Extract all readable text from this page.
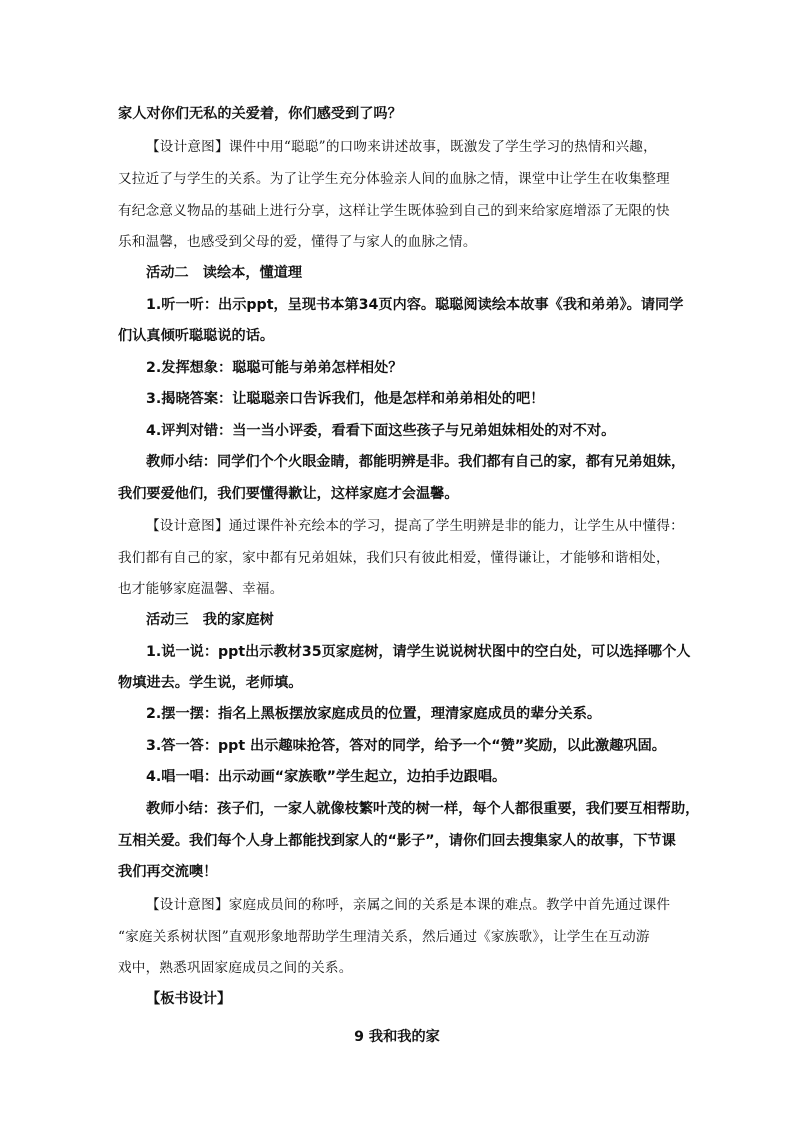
家人对你们无私的关爱着，你们感受到了吗？
【设计意图】课件中用“聪聪”的口吻来讲述故事，既激发了学生学习的热情和兴趣，
又拉近了与学生的关系。为了让学生充分体验亲人间的血脉之情，课堂中让学生在收集整理
有纪念意义物品的基础上进行分享，这样让学生既体验到自己的到来给家庭增添了无限的快
乐和温馨，也感受到父母的爱，懂得了与家人的血脉之情。
活动二　读绘本，懂道理
1.听一听：出示ppt，呈现书本第34页内容。聪聪阅读绘本故事《我和弟弟》。请同学
们认真倾听聪聪说的话。
2.发挥想象：聪聪可能与弟弟怎样相处？
3.揭晓答案：让聪聪亲口告诉我们，他是怎样和弟弟相处的吧！
4.评判对错：当一当小评委，看看下面这些孩子与兄弟姐妹相处的对不对。
教师小结：同学们个个火眼金睛，都能明辨是非。我们都有自己的家，都有兄弟姐妹，
我们要爱他们，我们要懂得歉让，这样家庭才会温馨。
【设计意图】通过课件补充绘本的学习，提高了学生明辨是非的能力，让学生从中懂得：
我们都有自己的家，家中都有兄弟姐妹，我们只有彼此相爱，懂得谦让，才能够和谐相处，
也才能够家庭温馨、幸福。
活动三　我的家庭树
1.说一说：ppt出示教材35页家庭树，请学生说说树状图中的空白处，可以选择哪个人
物填进去。学生说，老师填。
2.摆一摆：指名上黑板摆放家庭成员的位置，理清家庭成员的辈分关系。
3.答一答：ppt 出示趣味抢答，答对的同学，给予一个“赞”奖励，以此激趣巩固。
4.唱一唱：出示动画“家族歌”学生起立，边拍手边跟唱。
教师小结：孩子们，一家人就像枝繁叶茂的树一样，每个人都很重要，我们要互相帮助，
互相关爱。我们每个人身上都能找到家人的“影子”，请你们回去搜集家人的故事，下节课
我们再交流噢！
【设计意图】家庭成员间的称呼，亲属之间的关系是本课的难点。教学中首先通过课件
“家庭关系树状图”直观形象地帮助学生理清关系，然后通过《家族歌》，让学生在互动游
戏中，熟悉巩固家庭成员之间的关系。
【板书设计】
9 我和我的家
